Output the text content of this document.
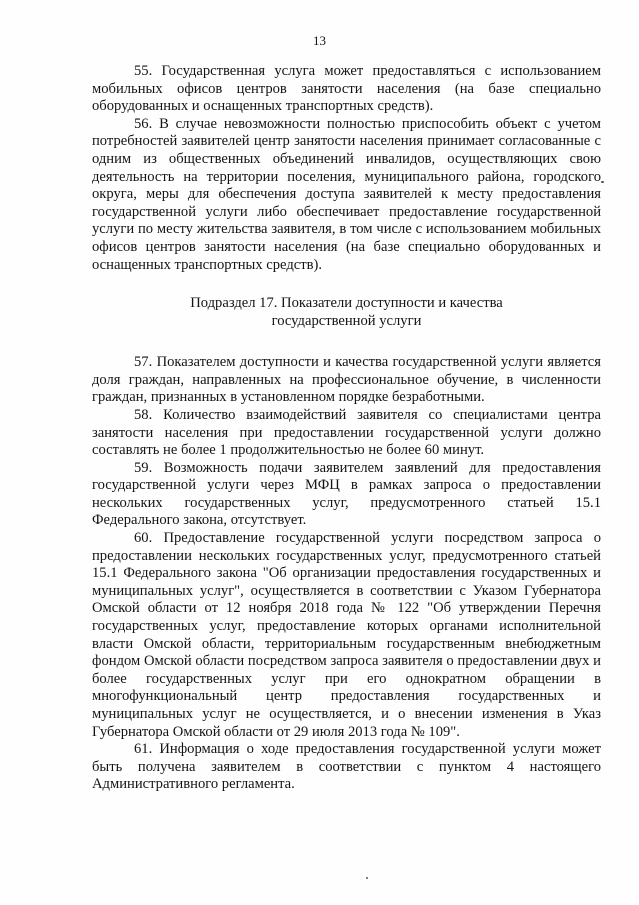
13

55. Государственная услуга может предоставляться с использованием мобильных офисов центров занятости населения (на базе специально оборудованных и оснащенных транспортных средств).

56. В случае невозможности полностью приспособить объект с учетом потребностей заявителей центр занятости населения принимает согласованные с одним из общественных объединений инвалидов, осуществляющих свою деятельность на территории поселения, муниципального района, городского округа, меры для обеспечения доступа заявителей к месту предоставления государственной услуги либо обеспечивает предоставление государственной услуги по месту жительства заявителя, в том числе с использованием мобильных офисов центров занятости населения (на базе специально оборудованных и оснащенных транспортных средств).

Подраздел 17. Показатели доступности и качества
государственной услуги

57. Показателем доступности и качества государственной услуги является доля граждан, направленных на профессиональное обучение, в численности граждан, признанных в установленном порядке безработными.

58. Количество взаимодействий заявителя со специалистами центра занятости населения при предоставлении государственной услуги должно составлять не более 1 продолжительностью не более 60 минут.

59. Возможность подачи заявителем заявлений для предоставления государственной услуги через МФЦ в рамках запроса о предоставлении нескольких государственных услуг, предусмотренного статьей 15.1 Федерального закона, отсутствует.

60. Предоставление государственной услуги посредством запроса о предоставлении нескольких государственных услуг, предусмотренного статьей 15.1 Федерального закона "Об организации предоставления государственных и муниципальных услуг", осуществляется в соответствии с Указом Губернатора Омской области от 12 ноября 2018 года № 122 "Об утверждении Перечня государственных услуг, предоставление которых органами исполнительной власти Омской области, территориальным государственным внебюджетным фондом Омской области посредством запроса заявителя о предоставлении двух и более государственных услуг при его однократном обращении в многофункциональный центр предоставления государственных и муниципальных услуг не осуществляется, и о внесении изменения в Указ Губернатора Омской области от 29 июля 2013 года № 109".

61. Информация о ходе предоставления государственной услуги может быть получена заявителем в соответствии с пунктом 4 настоящего Административного регламента.
